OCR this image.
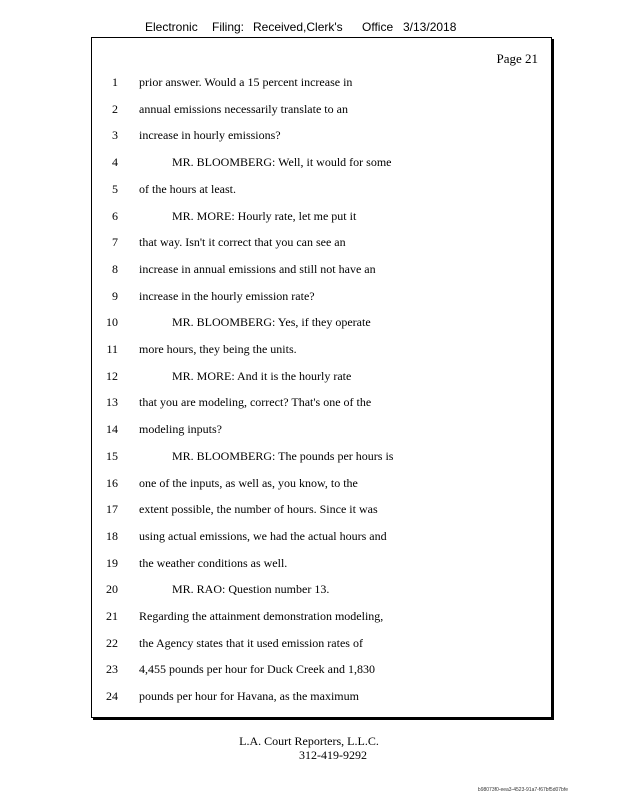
Electronic Filing: Received,Clerk's Office 3/13/2018
Page 21
1 prior answer. Would a 15 percent increase in
2 annual emissions necessarily translate to an
3 increase in hourly emissions?
4	MR. BLOOMBERG: Well, it would for some
5 of the hours at least.
6	MR. MORE: Hourly rate, let me put it
7 that way. Isn't it correct that you can see an
8 increase in annual emissions and still not have an
9 increase in the hourly emission rate?
10	MR. BLOOMBERG: Yes, if they operate
11 more hours, they being the units.
12	MR. MORE: And it is the hourly rate
13 that you are modeling, correct? That's one of the
14 modeling inputs?
15	MR. BLOOMBERG: The pounds per hours is
16 one of the inputs, as well as, you know, to the
17 extent possible, the number of hours. Since it was
18 using actual emissions, we had the actual hours and
19 the weather conditions as well.
20	MR. RAO: Question number 13.
21 Regarding the attainment demonstration modeling,
22 the Agency states that it used emission rates of
23 4,455 pounds per hour for Duck Creek and 1,830
24 pounds per hour for Havana, as the maximum
L.A. Court Reporters, L.L.C.
312-419-9292
b98073f0-eea3-4523-91a7-f67bf5d07bfe
